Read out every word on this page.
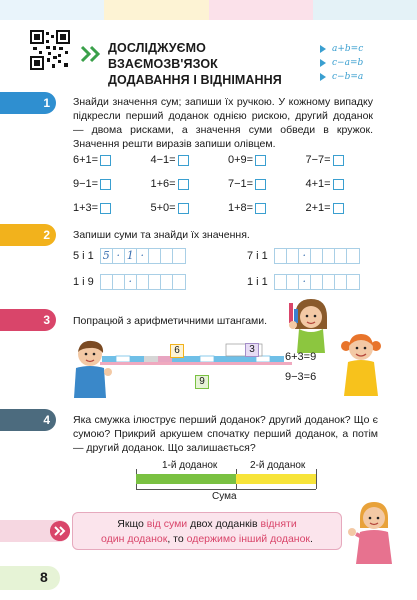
ДОСЛІДЖУЄМО ВЗАЄМОЗВ'ЯЗОК
ДОДАВАННЯ І ВІДНІМАННЯ
a+b=c
c−a=b
c−b=a
1	Знайди значення сум; запиши їх ручкою. У кожному випадку підкресли перший доданок однією рискою, другий доданок — двома рисками, а значення суми обведи в кружок. Значення решти виразів запиши олівцем.
6+1=	4−1=	0+9=	7−7=
9−1=	1+6=	7−1=	4+1=
1+3=	5+0=	1+8=	2+1=
2	Запиши суми та знайди їх значення.
5 і 1 5 · 1 ·	7 і 1	·
1 і 9	·	1 і 1	·
3	Попрацюй з арифметичними штангами.
6	3
9
6+3=9
9−3=6
4	Яка смужка ілюструє перший доданок? другий доданок? Що є сумою? Прикрий аркушем спочатку перший доданок, а потім — другий доданок. Що залишається?
1-й доданок	2-й доданок
Сума
Якщо від суми двох доданків відняти
один доданок, то одержимо інший доданок.
8
